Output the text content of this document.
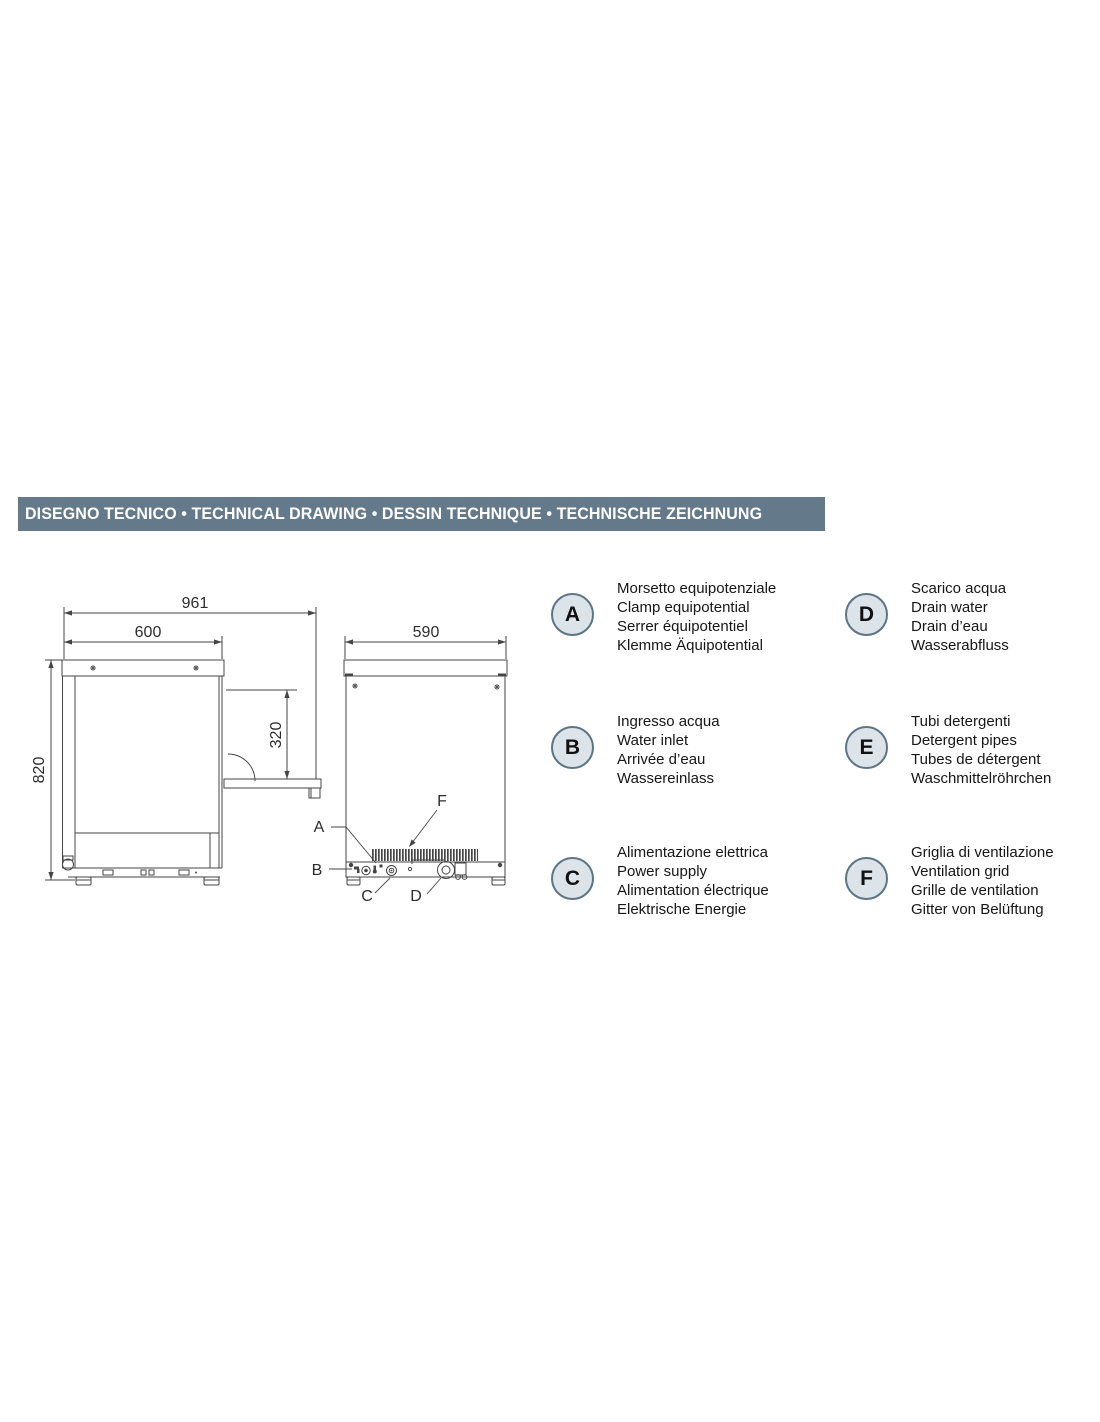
DISEGNO TECNICO • TECHNICAL DRAWING • DESSIN TECHNIQUE • TECHNISCHE ZEICHNUNG
961
600
820
320
590
A
B
C D
F
A
Morsetto equipotenziale
Clamp equipotential
Serrer équipotentiel
Klemme Äquipotential
B
Ingresso acqua
Water inlet
Arrivée d’eau
Wassereinlass
C
Alimentazione elettrica
Power supply
Alimentation électrique
Elektrische Energie
D
Scarico acqua
Drain water
Drain d’eau
Wasserabfluss
E
Tubi detergenti
Detergent pipes
Tubes de détergent
Waschmittelröhrchen
F
Griglia di ventilazione
Ventilation grid
Grille de ventilation
Gitter von Belüftung
